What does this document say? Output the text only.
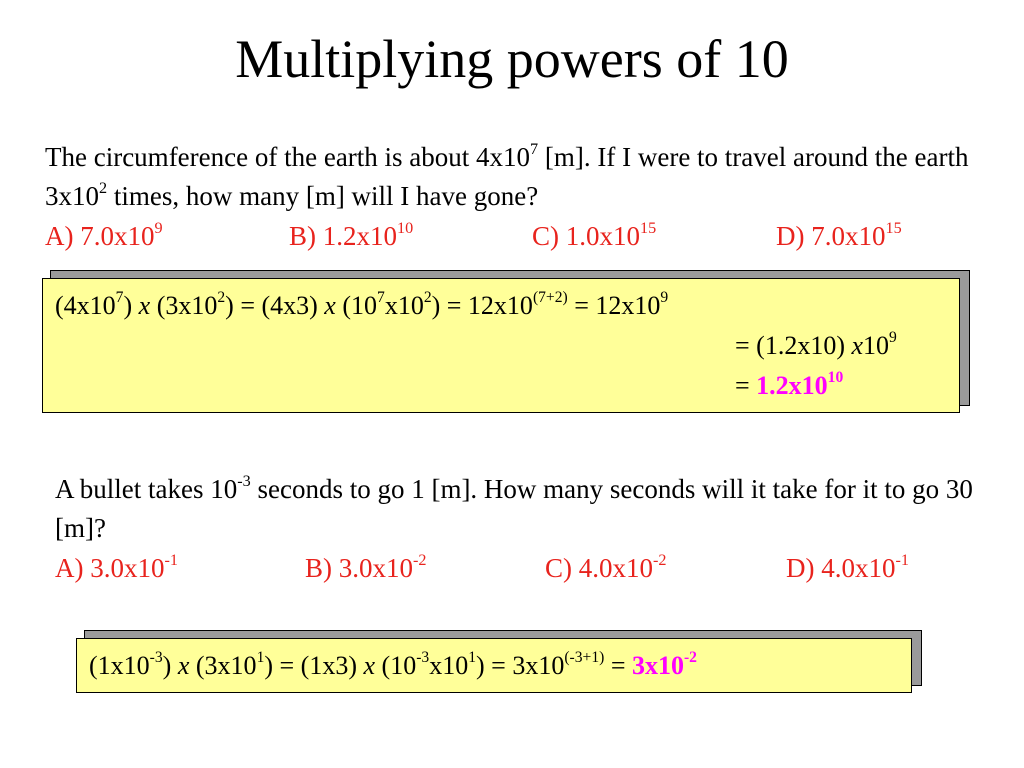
Multiplying powers of 10
The circumference of the earth is about $4x10^7$ [m]. If I were to travel around the earth $3x10^2$ times, how many [m] will I have gone?
A) $7.0x10^9$	B) $1.2x10^{10}$	C) $1.0x10^{15}$	D) $7.0x10^{15}$
$(4x10^7)$ x $(3x10^2) = (4x3)$ x $(10^7x10^2) = 12x10^{(7+2)} = 12x10^9$
= (1.2x10) $x10^9$
= $1.2x10^{10}$
A bullet takes $10^{-3}$ seconds to go 1 [m]. How many seconds will it take for it to go 30 [m]?
A) $3.0x10^{-1}$	B) $3.0x10^{-2}$	C) $4.0x10^{-2}$	D) $4.0x10^{-1}$
$(1x10^{-3})$ x $(3x10^1) = (1x3)$ x $(10^{-3}x10^1) = 3x10^{(-3+1)} = 3x10^{-2}$
